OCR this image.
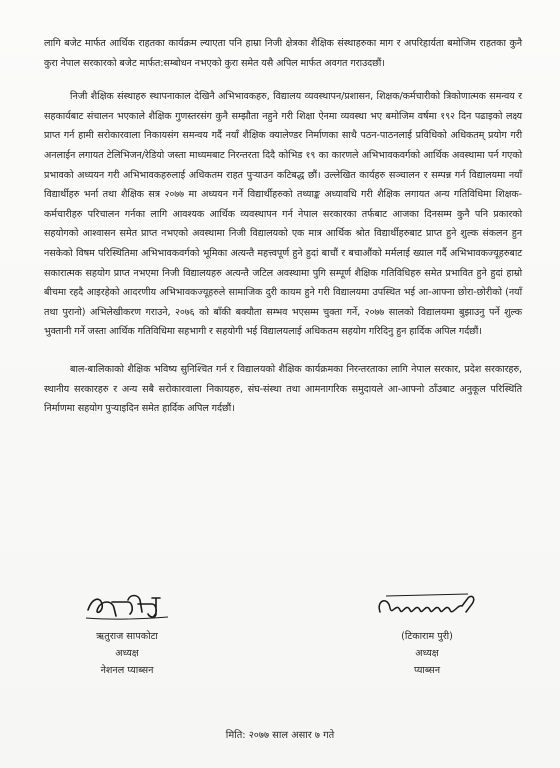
लागि बजेट मार्फत आर्थिक राहतका कार्यक्रम ल्याएता पनि हाम्रा निजी क्षेत्रका शैक्षिक संस्थाहरुका माग र अपरिहार्यता बमोजिम राहतका कुनै कुरा नेपाल सरकारको बजेट मार्फत:सम्बोधन नभएको कुरा समेत यसै अपिल मार्फत अवगत गराउदछौं।

निजी शैक्षिक संस्थाहरु स्थापनाकाल देखिनै अभिभावकहरु, विद्यालय व्यवस्थापन/प्रशासन, शिक्षक/कर्मचारीको त्रिकोणात्मक समन्वय र सहकार्यबाट संचालन भएकाले शैक्षिक गुणस्तरसंग कुनै सम्झौता नहुने गरी शिक्षा ऐनमा व्यवस्था भए बमोजिम वर्षमा १९२ दिन पढाइको लक्ष्य प्राप्त गर्न हामी सरोकारवाला निकायसंग समन्वय गर्दै नयाँ शैक्षिक क्यालेण्डर निर्माणका साथै पठन-पाठनलाई प्रविधिको अधिकतम् प्रयोग गरी अनलाईन लगायत टेलिभिजन/रेडियो जस्ता माध्यमबाट निरन्तरता दिदै कोभिड १९ का कारणले अभिभावकवर्गको आर्थिक अवस्थामा पर्न गएको प्रभावको अध्ययन गरी अभिभावकहरुलाई अधिकतम राहत पुर्‍याउन कटिबद्ध छौं। उल्लेखित कार्यहरु सञ्चालन र सम्पन्न गर्न विद्यालयमा नयाँ विद्यार्थीहरु भर्ना तथा शैक्षिक सत्र २०७७ मा अध्ययन गर्ने विद्यार्थीहरुको तथ्याङ्क अध्यावधि गरी शैक्षिक लगायत अन्य गतिविधिमा शिक्षक-कर्मचारीहरु परिचालन गर्नका लागि आवश्यक आर्थिक व्यवस्थापन गर्न नेपाल सरकारका तर्फबाट आजका दिनसम्म कुनै पनि प्रकारको सहयोगको आश्वासन समेत प्राप्त नभएको अवस्थामा निजी विद्यालयको एक मात्र आर्थिक श्रोत विद्यार्थीहरुबाट प्राप्त हुने शुल्क संकलन हुन नसकेको विषम परिस्थितिमा अभिभावकवर्गको भूमिका अत्यन्तै महत्त्वपूर्ण हुने हुदां बाचौं र बचाऔंको मर्मलाई ख्याल गर्दै अभिभावकज्यूहरुबाट सकारात्मक सहयोग प्राप्त नभएमा निजी विद्यालयहरु अत्यन्तै जटिल अवस्थामा पुगि सम्पूर्ण शैक्षिक गतिविधिहरु समेत प्रभावित हुने हुदां हाम्रो बीचमा रहदै आइरहेको आदरणीय अभिभावकज्यूहरुले सामाजिक दुरी कायम हुने गरी विद्यालयमा उपस्थित भई आ-आफ्ना छोरा-छोरीको (नयाँ तथा पुरानो) अभिलेखीकरण गराउने, २०७६ को बाँकी बक्यौता सम्भव भएसम्म चुक्ता गर्ने, २०७७ सालको विद्यालयमा बुझाउनु पर्ने शुल्क भुक्तानी गर्ने जस्ता आर्थिक गतिविधिमा सहभागी र सहयोगी भई विद्यालयलाई अधिकतम सहयोग गरिदिनु हुन हार्दिक अपिल गर्दछौं।

बाल-बालिकाको शैक्षिक भविष्य सुनिश्चित गर्न र विद्यालयको शैक्षिक कार्यक्रमका निरन्तरताका लागि नेपाल सरकार, प्रदेश सरकारहरु, स्थानीय सरकारहरु र अन्य सबै सरोकारवाला निकायहरु, संघ-संस्था तथा आमनागरिक समुदायले आ-आफ्नो ठाँउबाट अनुकूल परिस्थिति निर्माणमा सहयोग पुर्‍याइदिन समेत हार्दिक अपिल गर्दछौं।

ऋतुराज सापकोटा
अध्यक्ष
नेशनल प्याब्सन
(टिकाराम पुरी)
अध्यक्ष
प्याब्सन
मिति: २०७७ साल असार ७ गते
